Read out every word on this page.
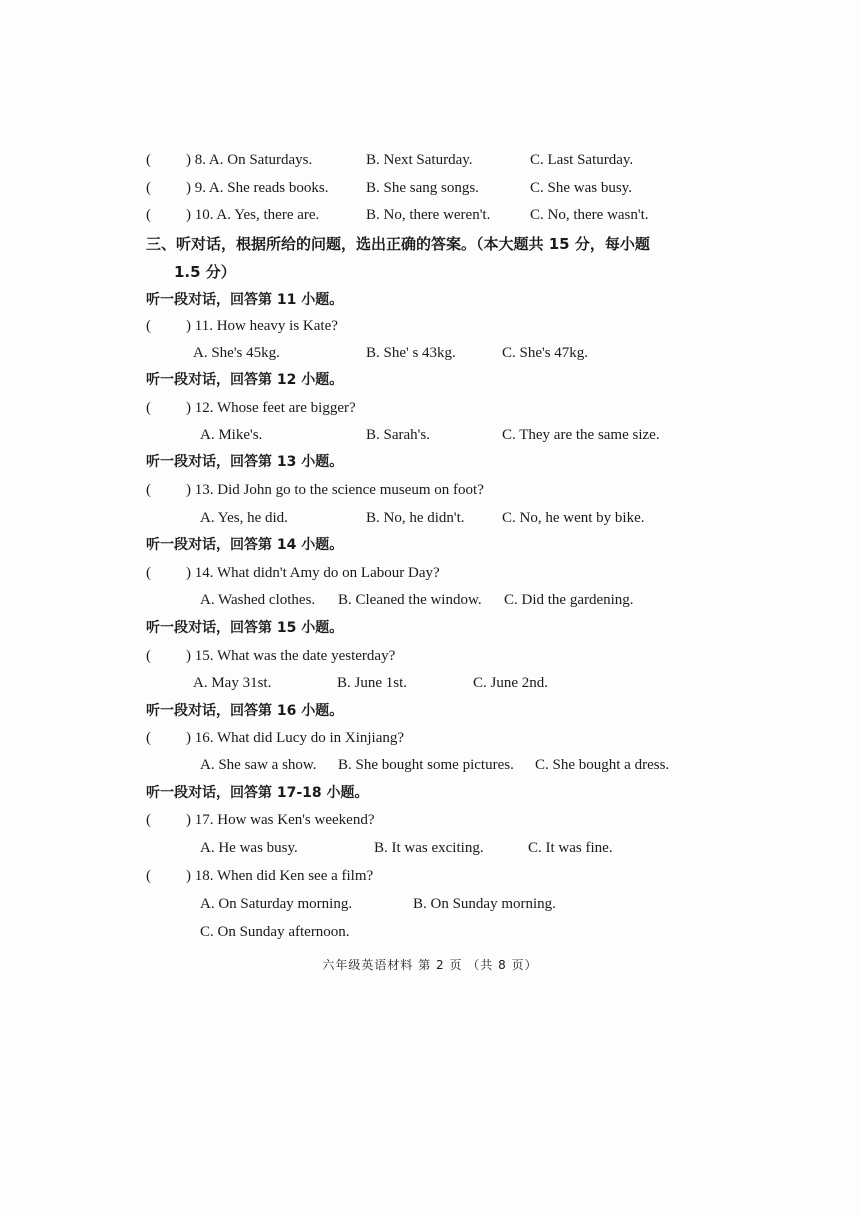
( ) 8. A. On Saturdays.	B. Next Saturday.	C. Last Saturday.
( ) 9. A. She reads books.	B. She sang songs.	C. She was busy.
( ) 10. A. Yes, there are.	B. No, there weren't.	C. No, there wasn't.
三、听对话，根据所给的问题，选出正确的答案。（本大题共 15 分，每小题
1.5 分）
听一段对话，回答第 11 小题。
( ) 11. How heavy is Kate?
A. She's 45kg.	B. She' s 43kg.	C. She's 47kg.
听一段对话，回答第 12 小题。
( ) 12. Whose feet are bigger?
A. Mike's.	B. Sarah's.	C. They are the same size.
听一段对话，回答第 13 小题。
( ) 13. Did John go to the science museum on foot?
A. Yes, he did.	B. No, he didn't. C. No, he went by bike.
听一段对话，回答第 14 小题。
( ) 14. What didn't Amy do on Labour Day?
A. Washed clothes. B. Cleaned the window. C. Did the gardening.
听一段对话，回答第 15 小题。
( ) 15. What was the date yesterday?
A. May 31st.	B. June 1st.	C. June 2nd.
听一段对话，回答第 16 小题。
( ) 16. What did Lucy do in Xinjiang?
A. She saw a show. B. She bought some pictures. C. She bought a dress.
听一段对话，回答第 17-18 小题。
( ) 17. How was Ken's weekend?
A. He was busy.	B. It was exciting.	C. It was fine.
( ) 18. When did Ken see a film?
A. On Saturday morning.	B. On Sunday morning.
C. On Sunday afternoon.
六年级英语材料 第 2 页 （共 8 页）
